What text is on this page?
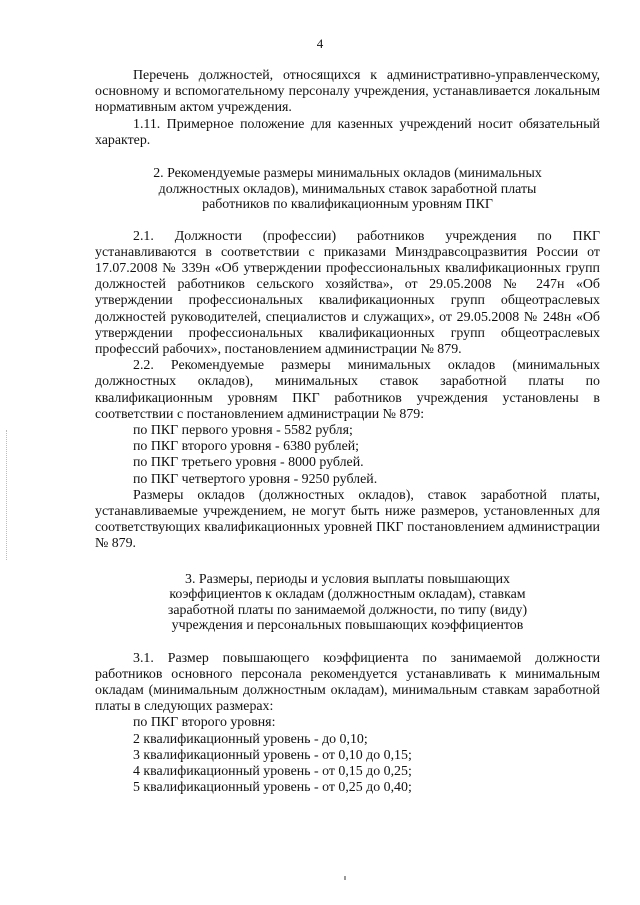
4

Перечень должностей, относящихся к административно-управленческому, основному и вспомогательному персоналу учреждения, устанавливается локальным нормативным актом учреждения.

1.11. Примерное положение для казенных учреждений носит обязательный характер.

2. Рекомендуемые размеры минимальных окладов (минимальных
должностных окладов), минимальных ставок заработной платы
работников по квалификационным уровням ПКГ

2.1. Должности (профессии) работников учреждения по ПКГ устанавливаются в соответствии с приказами Минздравсоцразвития России от 17.07.2008 № 339н «Об утверждении профессиональных квалификационных групп должностей работников сельского хозяйства», от 29.05.2008 № 247н «Об утверждении профессиональных квалификационных групп общеотраслевых должностей руководителей, специалистов и служащих», от 29.05.2008 № 248н «Об утверждении профессиональных квалификационных групп общеотраслевых профессий рабочих», постановлением администрации № 879.

2.2. Рекомендуемые размеры минимальных окладов (минимальных должностных окладов), минимальных ставок заработной платы по квалификационным уровням ПКГ работников учреждения установлены в соответствии с постановлением администрации № 879:

по ПКГ первого уровня - 5582 рубля;
по ПКГ второго уровня - 6380 рублей;
по ПКГ третьего уровня - 8000 рублей.
по ПКГ четвертого уровня - 9250 рублей.

Размеры окладов (должностных окладов), ставок заработной платы, устанавливаемые учреждением, не могут быть ниже размеров, установленных для соответствующих квалификационных уровней ПКГ постановлением администрации № 879.

3. Размеры, периоды и условия выплаты повышающих
коэффициентов к окладам (должностным окладам), ставкам
заработной платы по занимаемой должности, по типу (виду)
учреждения и персональных повышающих коэффициентов

3.1. Размер повышающего коэффициента по занимаемой должности работников основного персонала рекомендуется устанавливать к минимальным окладам (минимальным должностным окладам), минимальным ставкам заработной платы в следующих размерах:

по ПКГ второго уровня:
2 квалификационный уровень - до 0,10;
3 квалификационный уровень - от 0,10 до 0,15;
4 квалификационный уровень - от 0,15 до 0,25;
5 квалификационный уровень - от 0,25 до 0,40;
